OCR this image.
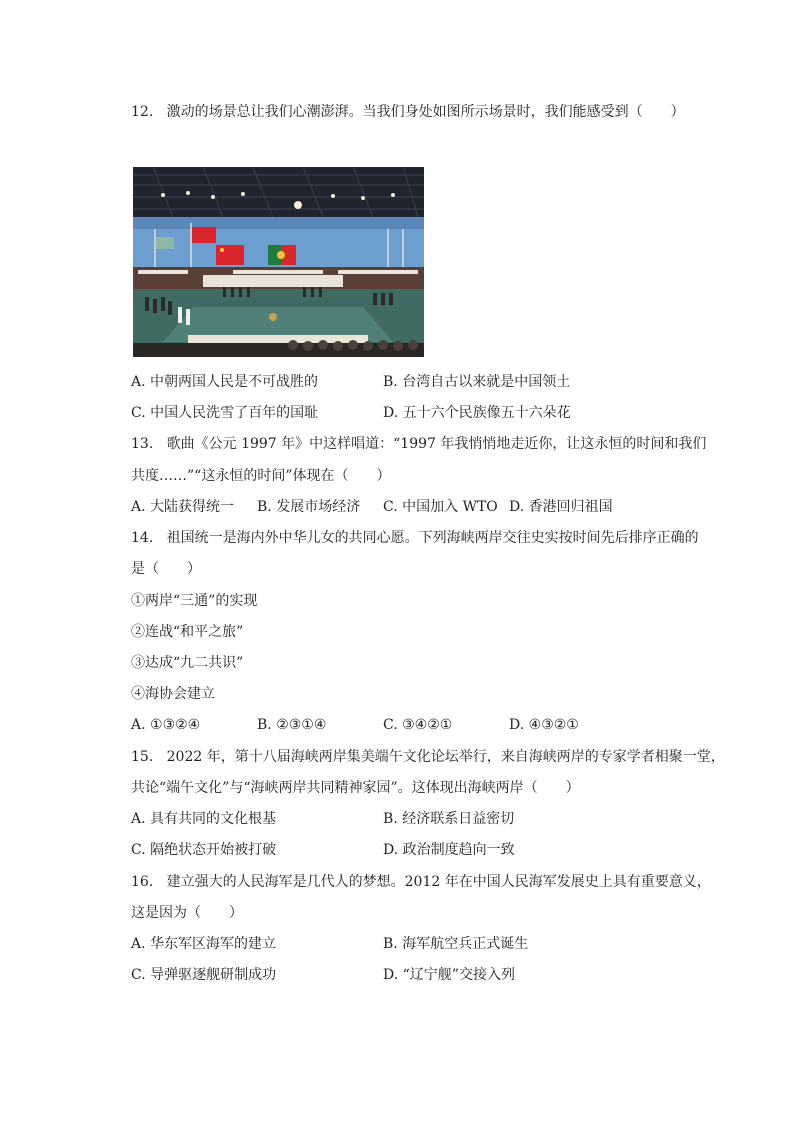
12. 激动的场景总让我们心潮澎湃。当我们身处如图所示场景时，我们能感受到（　　）
A. 中朝两国人民是不可战胜的	B. 台湾自古以来就是中国领土
C. 中国人民洗雪了百年的国耻	D. 五十六个民族像五十六朵花
13. 歌曲《公元 1997 年》中这样唱道：“1997 年我悄悄地走近你，让这永恒的时间和我们
共度……”“这永恒的时间”体现在（　　）
A. 大陆获得统一 B. 发展市场经济 C. 中国加入 WTO D. 香港回归祖国
14. 祖国统一是海内外中华儿女的共同心愿。下列海峡两岸交往史实按时间先后排序正确的
是（　　）
①两岸“三通”的实现
②连战“和平之旅”
③达成“九二共识”
④海协会建立
A. ①③②④	B. ②③①④	C. ③④②①	D. ④③②①
15. 2022 年，第十八届海峡两岸集美端午文化论坛举行，来自海峡两岸的专家学者相聚一堂，
共论“端午文化”与“海峡两岸共同精神家园”。这体现出海峡两岸（　　）
A. 具有共同的文化根基	B. 经济联系日益密切
C. 隔绝状态开始被打破	D. 政治制度趋向一致
16. 建立强大的人民海军是几代人的梦想。2012 年在中国人民海军发展史上具有重要意义，
这是因为（　　）
A. 华东军区海军的建立	B. 海军航空兵正式诞生
C. 导弹驱逐舰研制成功	D. “辽宁舰”交接入列
